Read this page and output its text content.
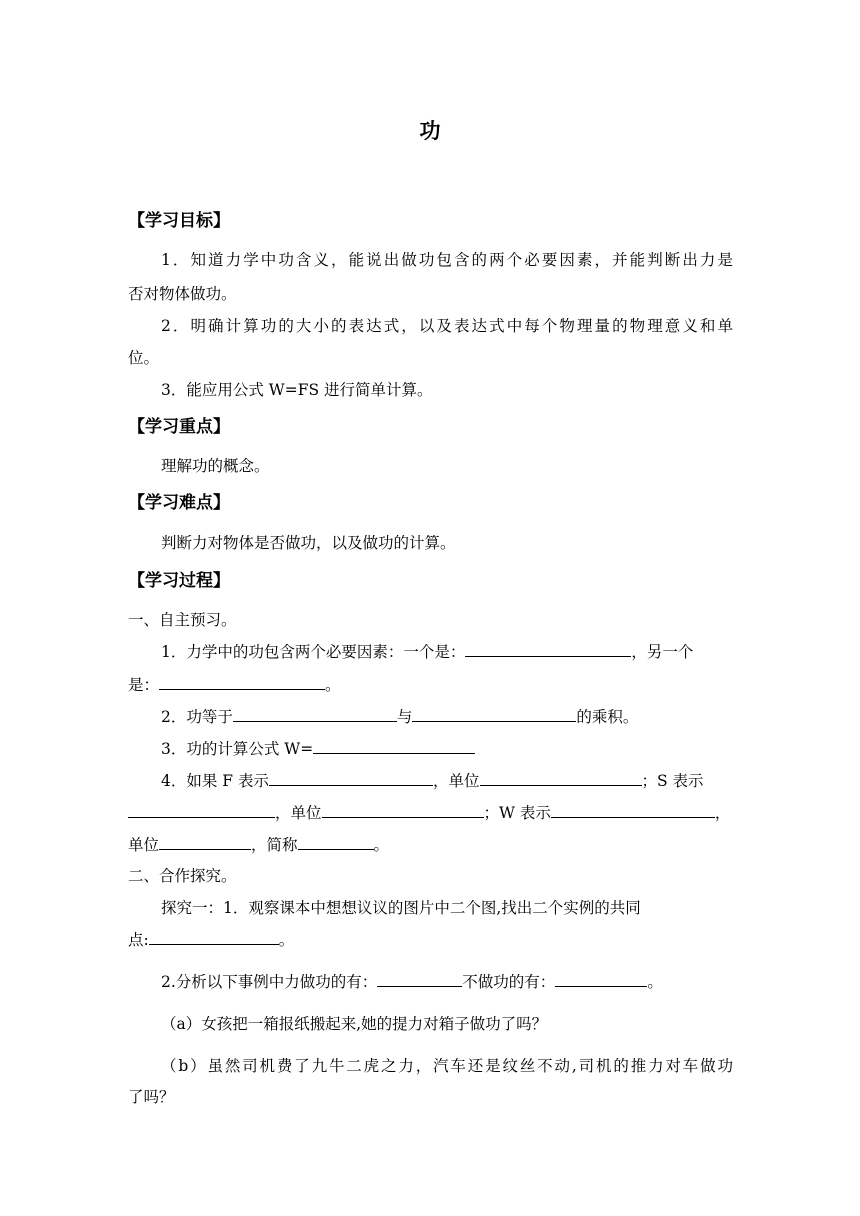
功
【学习目标】
1．知道力学中功含义，能说出做功包含的两个必要因素，并能判断出力是
否对物体做功。
2．明确计算功的大小的表达式，以及表达式中每个物理量的物理意义和单
位。
3．能应用公式 W=FS 进行简单计算。
【学习重点】
理解功的概念。
【学习难点】
判断力对物体是否做功，以及做功的计算。
【学习过程】
一、自主预习。
1．力学中的功包含两个必要因素：一个是：	，另一个
是：	。
2．功等于	与	的乘积。
3．功的计算公式 W=
4．如果 F 表示	，单位	；S 表示
，单位	；W 表示	，
单位	，简称	。
二、合作探究。
探究一：1．观察课本中想想议议的图片中二个图,找出二个实例的共同
点:	。
2.分析以下事例中力做功的有：	不做功的有：	。
（a）女孩把一箱报纸搬起来,她的提力对箱子做功了吗？
（b）虽然司机费了九牛二虎之力，汽车还是纹丝不动,司机的推力对车做功
了吗？
